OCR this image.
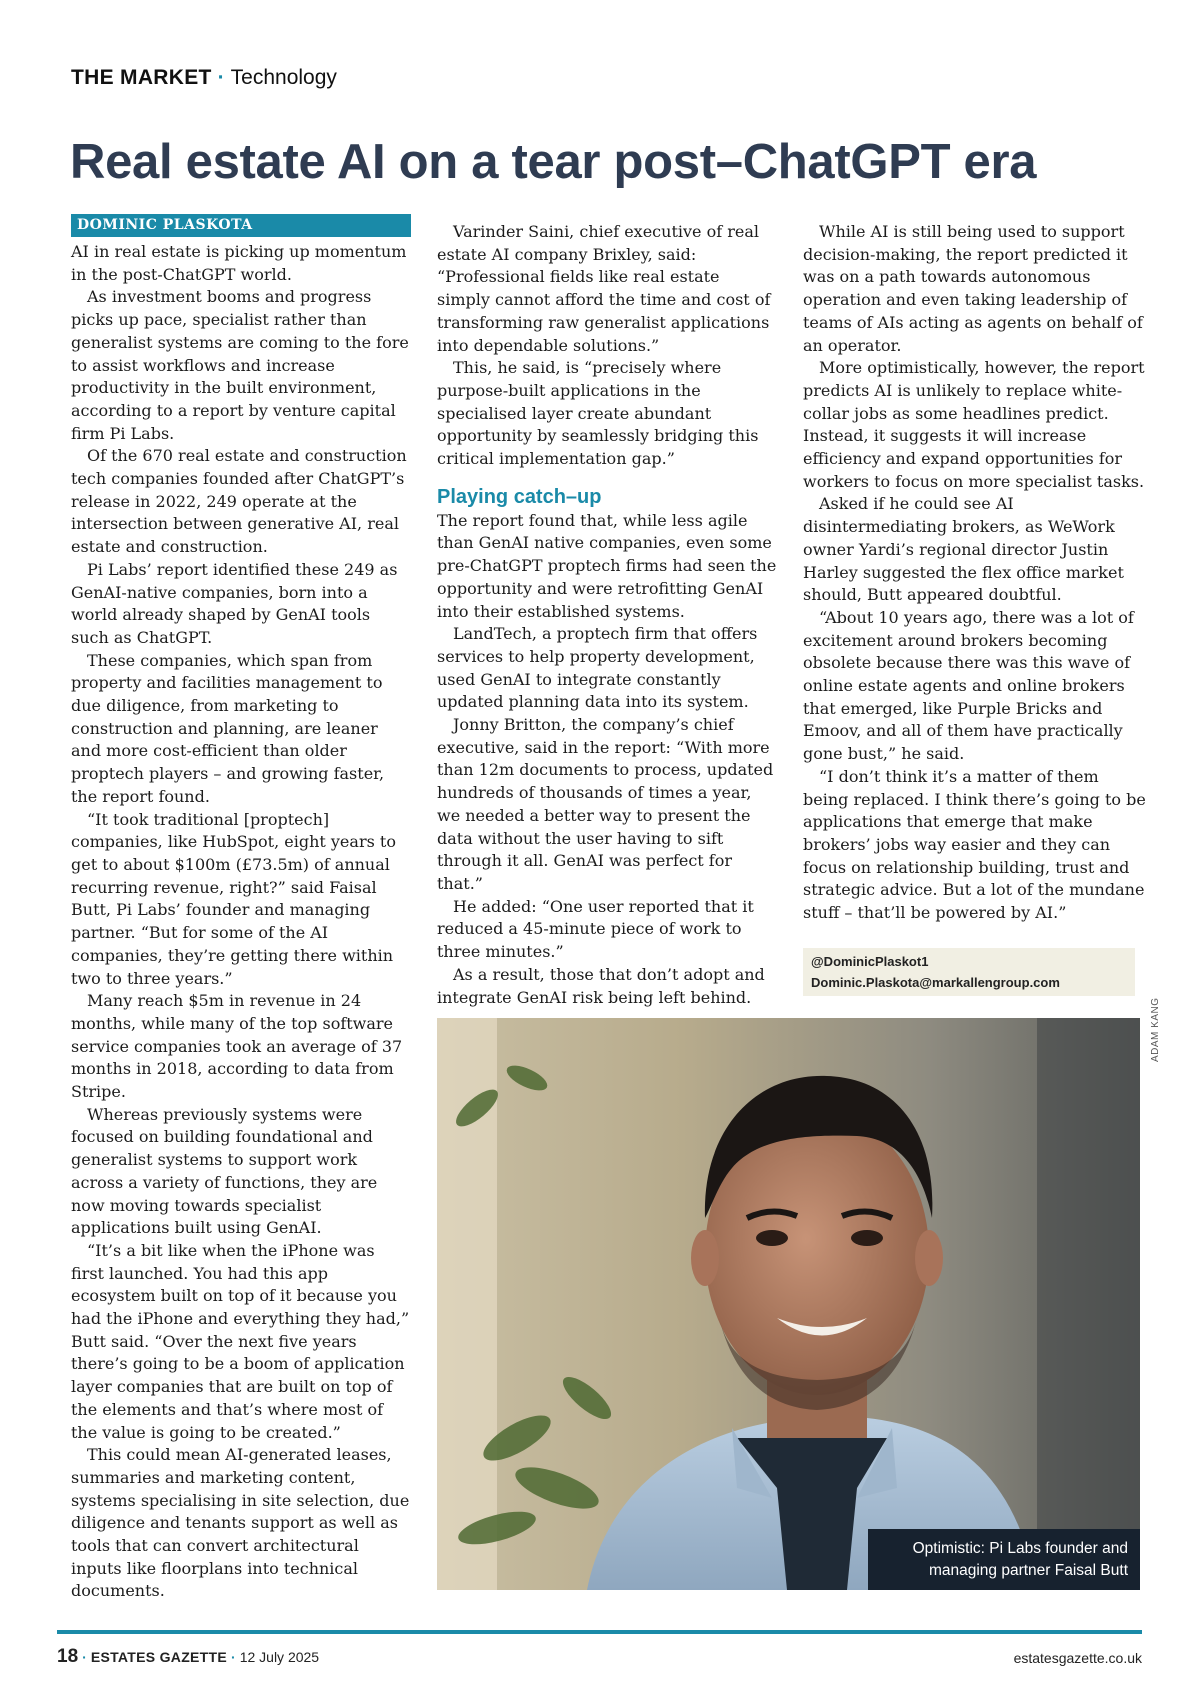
THE MARKET · Technology
Real estate AI on a tear post–ChatGPT era
DOMINIC PLASKOTA

AI in real estate is picking up momentum in the post-ChatGPT world.

As investment booms and progress picks up pace, specialist rather than generalist systems are coming to the fore to assist workflows and increase productivity in the built environment, according to a report by venture capital firm Pi Labs.

Of the 670 real estate and construction tech companies founded after ChatGPT’s release in 2022, 249 operate at the intersection between generative AI, real estate and construction.

Pi Labs’ report identified these 249 as GenAI-native companies, born into a world already shaped by GenAI tools such as ChatGPT.

These companies, which span from property and facilities management to due diligence, from marketing to construction and planning, are leaner and more cost-efficient than older proptech players – and growing faster, the report found.

“It took traditional [proptech] companies, like HubSpot, eight years to get to about $100m (£73.5m) of annual recurring revenue, right?” said Faisal Butt, Pi Labs’ founder and managing partner. “But for some of the AI companies, they’re getting there within two to three years.”

Many reach $5m in revenue in 24 months, while many of the top software service companies took an average of 37 months in 2018, according to data from Stripe.

Whereas previously systems were focused on building foundational and generalist systems to support work across a variety of functions, they are now moving towards specialist applications built using GenAI.

“It’s a bit like when the iPhone was first launched. You had this app ecosystem built on top of it because you had the iPhone and everything they had,” Butt said. “Over the next five years there’s going to be a boom of application layer companies that are built on top of the elements and that’s where most of the value is going to be created.”

This could mean AI-generated leases, summaries and marketing content, systems specialising in site selection, due diligence and tenants support as well as tools that can convert architectural inputs like floorplans into technical documents.

Varinder Saini, chief executive of real estate AI company Brixley, said: “Professional fields like real estate simply cannot afford the time and cost of transforming raw generalist applications into dependable solutions.”

This, he said, is “precisely where purpose-built applications in the specialised layer create abundant opportunity by seamlessly bridging this critical implementation gap.”

Playing catch–up

The report found that, while less agile than GenAI native companies, even some pre-ChatGPT proptech firms had seen the opportunity and were retrofitting GenAI into their established systems.

LandTech, a proptech firm that offers services to help property development, used GenAI to integrate constantly updated planning data into its system.

Jonny Britton, the company’s chief executive, said in the report: “With more than 12m documents to process, updated hundreds of thousands of times a year, we needed a better way to present the data without the user having to sift through it all. GenAI was perfect for that.”

He added: “One user reported that it reduced a 45-minute piece of work to three minutes.”

As a result, those that don’t adopt and integrate GenAI risk being left behind.

While AI is still being used to support decision-making, the report predicted it was on a path towards autonomous operation and even taking leadership of teams of AIs acting as agents on behalf of an operator.

More optimistically, however, the report predicts AI is unlikely to replace white-collar jobs as some headlines predict. Instead, it suggests it will increase efficiency and expand opportunities for workers to focus on more specialist tasks.

Asked if he could see AI disintermediating brokers, as WeWork owner Yardi’s regional director Justin Harley suggested the flex office market should, Butt appeared doubtful.

“About 10 years ago, there was a lot of excitement around brokers becoming obsolete because there was this wave of online estate agents and online brokers that emerged, like Purple Bricks and Emoov, and all of them have practically gone bust,” he said.

“I don’t think it’s a matter of them being replaced. I think there’s going to be applications that emerge that make brokers’ jobs way easier and they can focus on relationship building, trust and strategic advice. But a lot of the mundane stuff – that’ll be powered by AI.”

@DominicPlaskot1
Dominic.Plaskota@markallengroup.com
Optimistic: Pi Labs founder and
managing partner Faisal Butt
ADAM KANG
18 · ESTATES GAZETTE · 12 July 2025	estatesgazette.co.uk
